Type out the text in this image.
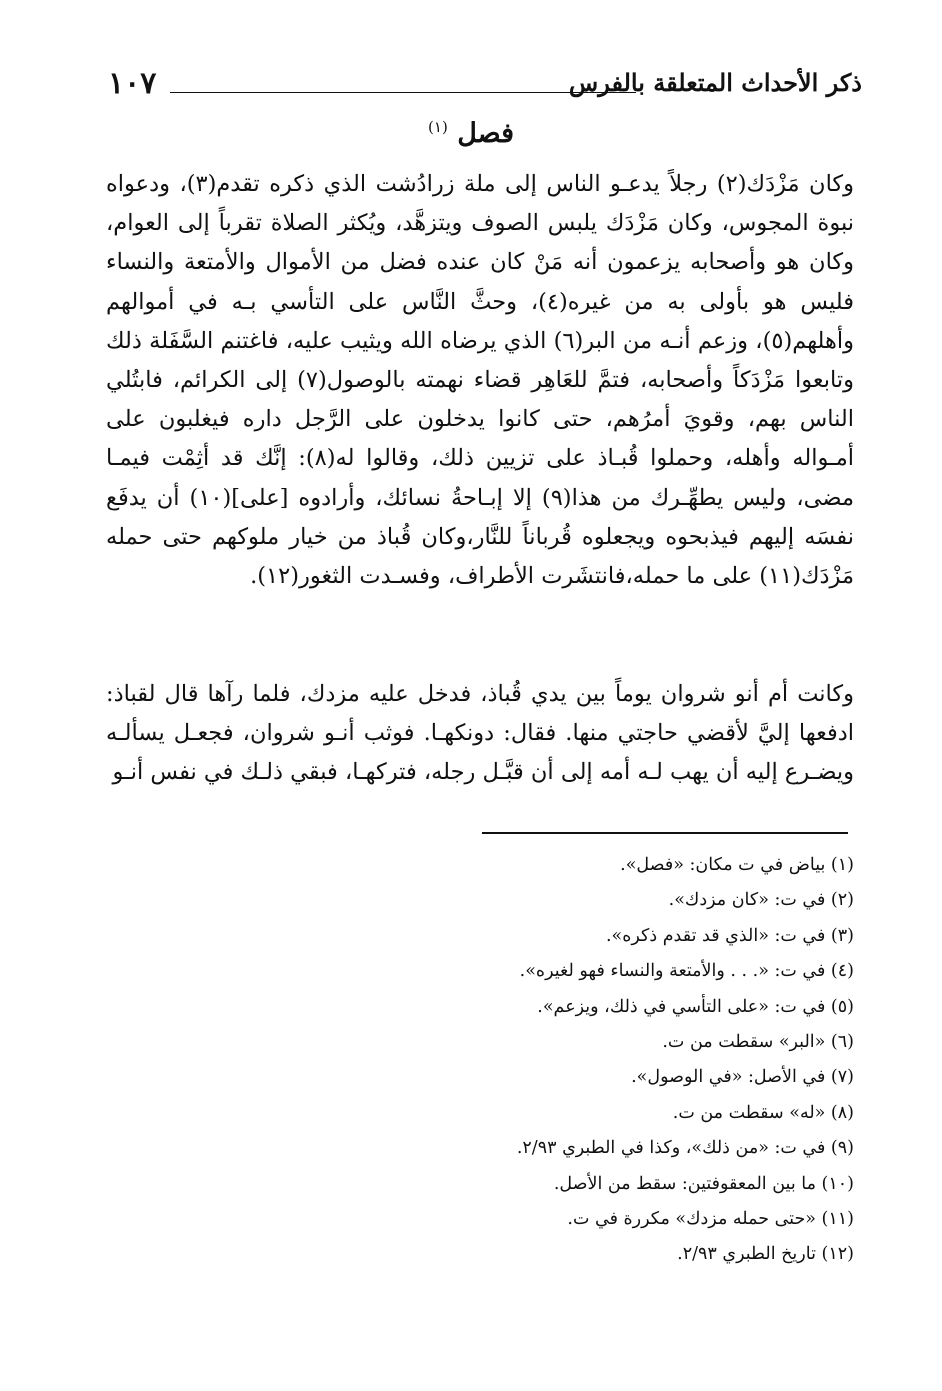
ذكر الأحداث المتعلقة بالفرس
١٠٧
فصل $^{(١)}$

وكان مَزْدَك(٢) رجلاً يدعـو الناس إلى ملة زرادُشت الذي ذكره تقدم(٣)، ودعواه نبوة المجوس، وكان مَزْدَك يلبس الصوف ويتزهَّد، ويُكثر الصلاة تقرباً إلى العوام، وكان هو وأصحابه يزعمون أنه مَنْ كان عنده فضل من الأموال والأمتعة والنساء فليس هو بأولى به من غيره(٤)، وحثَّ النَّاس على التأسي بـه في أموالهم وأهلهم(٥)، وزعم أنـه من البر(٦) الذي يرضاه الله ويثيب عليه، فاغتنم السَّفَلة ذلك وتابعوا مَزْدَكاً وأصحابه، فتمَّ للعَاهِر قضاء نهمته بالوصول(٧) إلى الكرائم، فابتُلي الناس بهم، وقويَ أمرُهم، حتى كانوا يدخلون على الرَّجل داره فيغلبون على أمـواله وأهله، وحملوا قُبـاذ على تزيين ذلك، وقالوا له(٨): إنَّك قد أثِمْت فيمـا مضى، وليس يطهِّـرك من هذا(٩) إلا إبـاحةُ نسائك، وأرادوه [على](١٠) أن يدفَع نفسَه إليهم فيذبحوه ويجعلوه قُرباناً للنَّار،وكان قُباذ من خيار ملوكهم حتى حمله مَزْدَك(١١) على ما حمله،فانتشَرت الأطراف، وفسـدت الثغور(١٢).

وكانت أم أنو شروان يوماً بين يدي قُباذ، فدخل عليه مزدك، فلما رآها قال لقباذ: ادفعها إليَّ لأقضي حاجتي منها. فقال: دونكهـا. فوثب أنـو شروان، فجعـل يسألـه ويضـرع إليه أن يهب لـه أمه إلى أن قبَّـل رجله، فتركهـا، فبقي ذلـك في نفس أنـو

(١) بياض في ت مكان: «فصل».
(٢) في ت: «كان مزدك».
(٣) في ت: «الذي قد تقدم ذكره».
(٤) في ت: «. . . والأمتعة والنساء فهو لغيره».
(٥) في ت: «على التأسي في ذلك، ويزعم».
(٦) «البر» سقطت من ت.
(٧) في الأصل: «في الوصول».
(٨) «له» سقطت من ت.
(٩) في ت: «من ذلك»، وكذا في الطبري ٢/٩٣.
(١٠) ما بين المعقوفتين: سقط من الأصل.
(١١) «حتى حمله مزدك» مكررة في ت.
(١٢) تاريخ الطبري ٢/٩٣.
